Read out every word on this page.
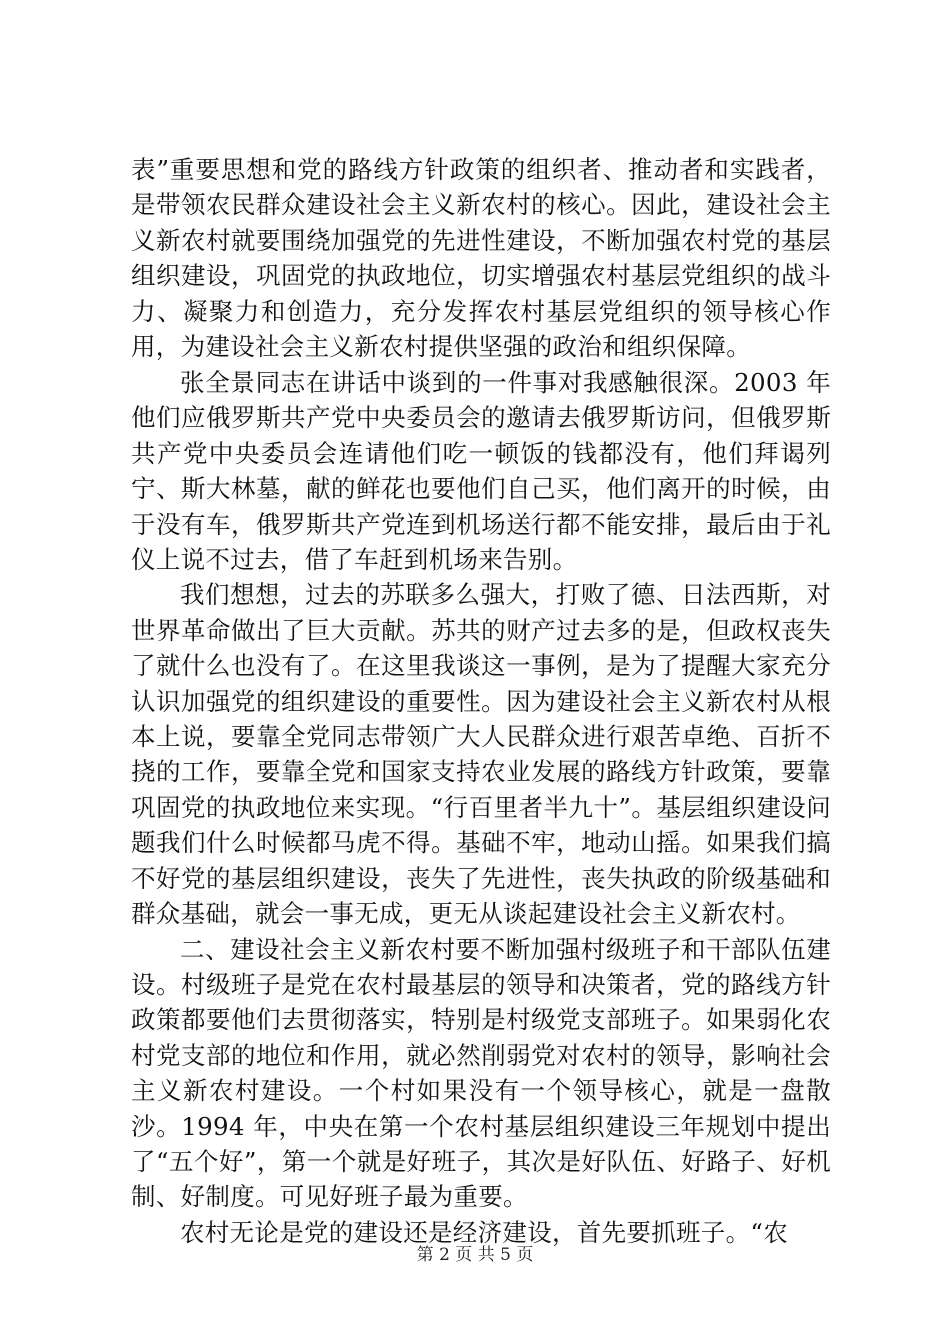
表”重要思想和党的路线方针政策的组织者、推动者和实践者，是带领农民群众建设社会主义新农村的核心。因此，建设社会主义新农村就要围绕加强党的先进性建设，不断加强农村党的基层组织建设，巩固党的执政地位，切实增强农村基层党组织的战斗力、凝聚力和创造力，充分发挥农村基层党组织的领导核心作用，为建设社会主义新农村提供坚强的政治和组织保障。

张全景同志在讲话中谈到的一件事对我感触很深。2003 年他们应俄罗斯共产党中央委员会的邀请去俄罗斯访问，但俄罗斯共产党中央委员会连请他们吃一顿饭的钱都没有，他们拜谒列宁、斯大林墓，献的鲜花也要他们自己买，他们离开的时候，由于没有车，俄罗斯共产党连到机场送行都不能安排，最后由于礼仪上说不过去，借了车赶到机场来告别。

我们想想，过去的苏联多么强大，打败了德、日法西斯，对世界革命做出了巨大贡献。苏共的财产过去多的是，但政权丧失了就什么也没有了。在这里我谈这一事例，是为了提醒大家充分认识加强党的组织建设的重要性。因为建设社会主义新农村从根本上说，要靠全党同志带领广大人民群众进行艰苦卓绝、百折不挠的工作，要靠全党和国家支持农业发展的路线方针政策，要靠巩固党的执政地位来实现。“行百里者半九十”。基层组织建设问题我们什么时候都马虎不得。基础不牢，地动山摇。如果我们搞不好党的基层组织建设，丧失了先进性，丧失执政的阶级基础和群众基础，就会一事无成，更无从谈起建设社会主义新农村。

二、建设社会主义新农村要不断加强村级班子和干部队伍建设。村级班子是党在农村最基层的领导和决策者，党的路线方针政策都要他们去贯彻落实，特别是村级党支部班子。如果弱化农村党支部的地位和作用，就必然削弱党对农村的领导，影响社会主义新农村建设。一个村如果没有一个领导核心，就是一盘散沙。1994 年，中央在第一个农村基层组织建设三年规划中提出了“五个好”，第一个就是好班子，其次是好队伍、好路子、好机制、好制度。可见好班子最为重要。

农村无论是党的建设还是经济建设，首先要抓班子。“农

第 2 页 共 5 页
